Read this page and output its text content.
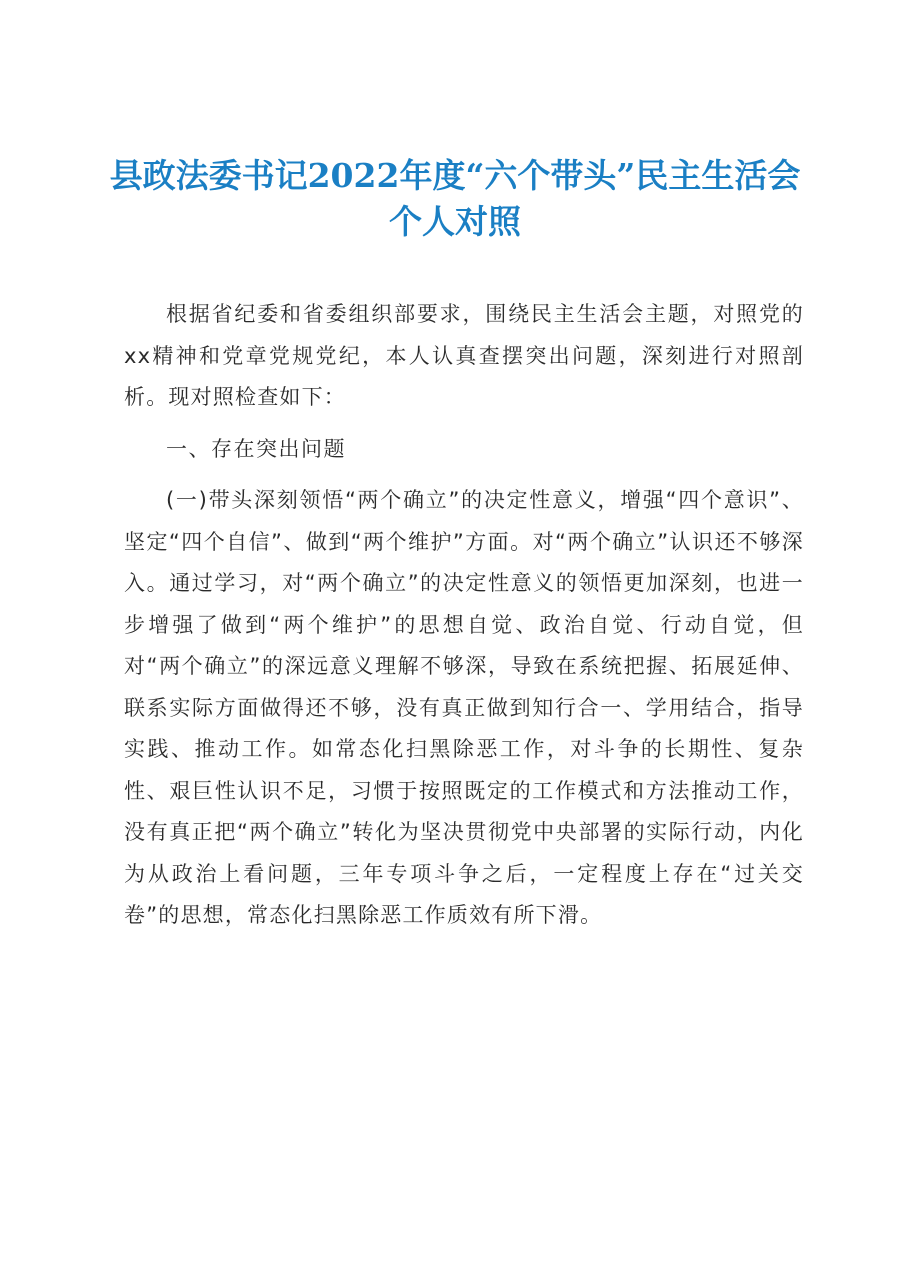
县政法委书记2022年度“六个带头”民主生活会个人对照

根据省纪委和省委组织部要求，围绕民主生活会主题，对照党的xx精神和党章党规党纪，本人认真查摆突出问题，深刻进行对照剖析。现对照检查如下：

一、存在突出问题

(一)带头深刻领悟“两个确立”的决定性意义，增强“四个意识”、坚定“四个自信”、做到“两个维护”方面。对“两个确立”认识还不够深入。通过学习，对“两个确立”的决定性意义的领悟更加深刻，也进一步增强了做到“两个维护”的思想自觉、政治自觉、行动自觉，但对“两个确立”的深远意义理解不够深，导致在系统把握、拓展延伸、联系实际方面做得还不够，没有真正做到知行合一、学用结合，指导实践、推动工作。如常态化扫黑除恶工作，对斗争的长期性、复杂性、艰巨性认识不足，习惯于按照既定的工作模式和方法推动工作，没有真正把“两个确立”转化为坚决贯彻党中央部署的实际行动，内化为从政治上看问题，三年专项斗争之后，一定程度上存在“过关交卷”的思想，常态化扫黑除恶工作质效有所下滑。
